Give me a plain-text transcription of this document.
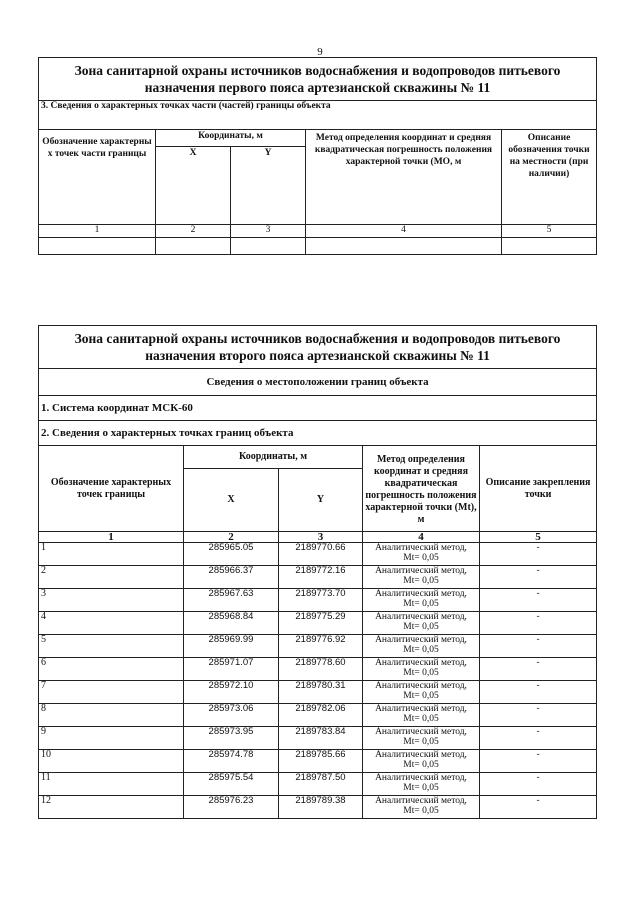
9
Зона санитарной охраны источников водоснабжения и водопроводов питьевого назначения первого пояса артезианской скважины № 11				
3. Сведения о характерных точках части (частей) границы объекта				
Обозначение характерны х точек части границы	Координаты, м		Метод определения координат и средняя квадратическая погрешность положения характерной точки (МО, м	Описание обозначения точки на местности (при наличии)
	X	Y		
1	2	3	4	5

Зона санитарной охраны источников водоснабжения и водопроводов питьевого назначения второго пояса артезианской скважины № 11				
Сведения о местоположении границ объекта				
1. Система координат МСК-60				
2. Сведения о характерных точках границ объекта				
Обозначение характерных точек границы	Координаты, м		Метод определения координат и средняя квадратическая погрешность положения характерной точки (Mt), м	Описание закрепления точки
	X	Y		
1	2	3	4	5
1	285965.05	2189770.66	Аналитический метод,
Mt= 0,05	-
2	285966.37	2189772.16	Аналитический метод,
Mt= 0,05	-
3	285967.63	2189773.70	Аналитический метод,
Mt= 0,05	-
4	285968.84	2189775.29	Аналитический метод,
Mt= 0,05	-
5	285969.99	2189776.92	Аналитический метод,
Mt= 0,05	-
6	285971.07	2189778.60	Аналитический метод,
Mt= 0,05	-
7	285972.10	2189780.31	Аналитический метод,
Mt= 0,05	-
8	285973.06	2189782.06	Аналитический метод,
Mt= 0,05	-
9	285973.95	2189783.84	Аналитический метод,
Mt= 0,05	-
10	285974.78	2189785.66	Аналитический метод,
Mt= 0,05	-
11	285975.54	2189787.50	Аналитический метод,
Mt= 0,05	-
12	285976.23	2189789.38	Аналитический метод,
Mt= 0,05	-
